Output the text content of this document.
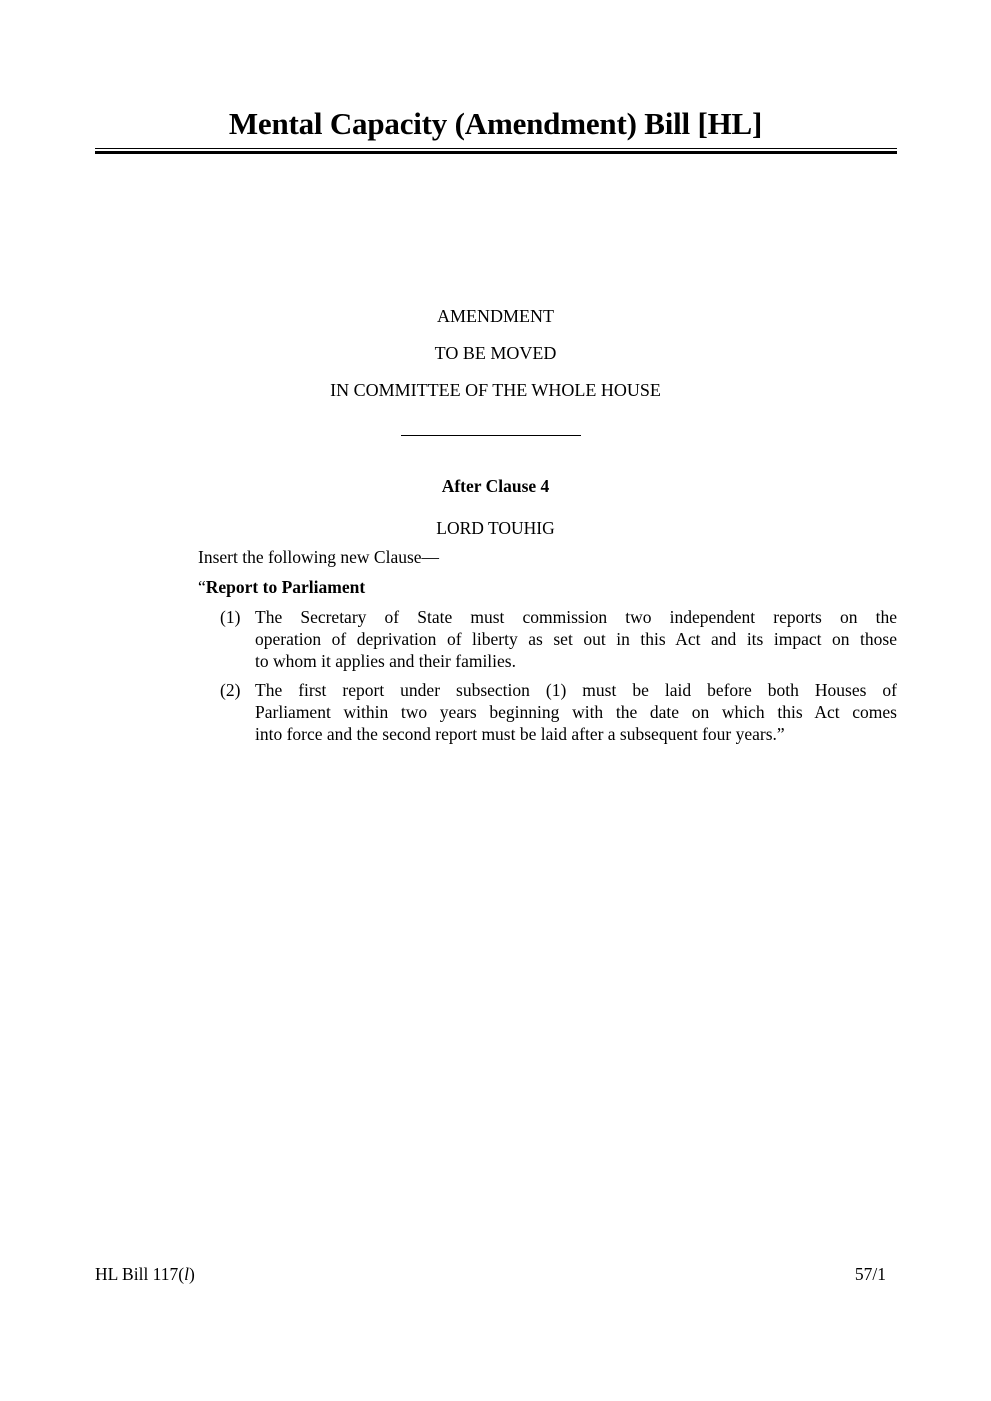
Mental Capacity (Amendment) Bill [HL]
AMENDMENT
TO BE MOVED
IN COMMITTEE OF THE WHOLE HOUSE
After Clause 4
LORD TOUHIG
Insert the following new Clause—
“Report to Parliament
(1) The Secretary of State must commission two independent reports on the
operation of deprivation of liberty as set out in this Act and its impact on those
to whom it applies and their families.
(2) The first report under subsection (1) must be laid before both Houses of
Parliament within two years beginning with the date on which this Act comes
into force and the second report must be laid after a subsequent four years.”
HL Bill 117(l)	57/1
